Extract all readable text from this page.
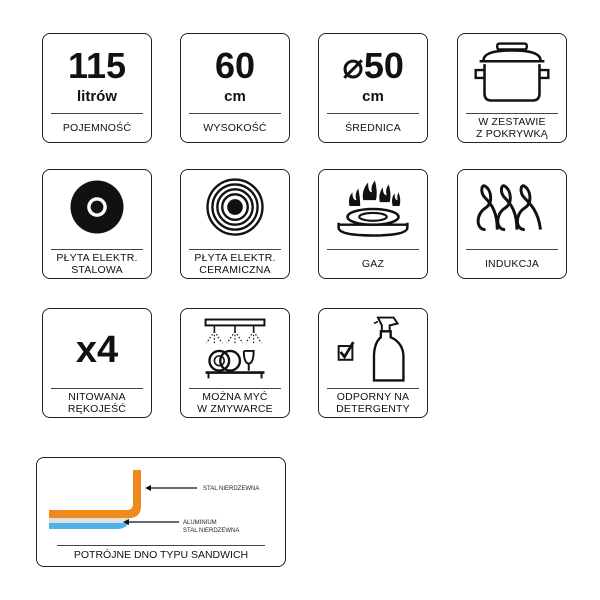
115
litrów
POJEMNOŚĆ
60
cm
WYSOKOŚĆ
⌀50
cm
ŚREDNICA	W ZESTAWIE
Z POKRYWKĄ
PŁYTA ELEKTR.
STALOWA
PŁYTA ELEKTR.
CERAMICZNA	GAZ	INDUKCJA
x4
NITOWANA
RĘKOJEŚĆ
MOŻNA MYĆ
W ZMYWARCE
ODPORNY NA
DETERGENTY
STAL NIERDZEWNA
ALUMINIUM
STAL NIERDZEWNA
POTRÓJNE DNO TYPU SANDWICH
